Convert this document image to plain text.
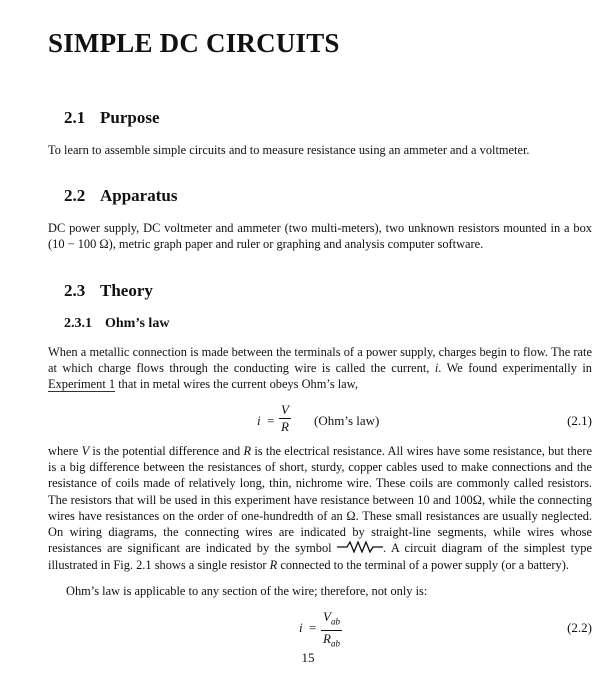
SIMPLE DC CIRCUITS
2.1 Purpose

To learn to assemble simple circuits and to measure resistance using an ammeter and a voltmeter.

2.2 Apparatus

DC power supply, DC voltmeter and ammeter (two multi-meters), two unknown resistors mounted in a box (10 − 100 Ω), metric graph paper and ruler or graphing and analysis computer software.

2.3 Theory
2.3.1 Ohm’s law

When a metallic connection is made between the terminals of a power supply, charges begin to flow. The rate at which charge flows through the conducting wire is called the current, i. We found experimentally in Experiment 1 that in metal wires the current obeys Ohm’s law,

$i = \frac{V}{R}$ (Ohm’s law)	(2.1)

where V is the potential difference and R is the electrical resistance. All wires have some resistance, but there is a big difference between the resistances of short, sturdy, copper cables used to make connections and the resistance of coils made of relatively long, thin, nichrome wire. These coils are commonly called resistors. The resistors that will be used in this experiment have resistance between 10 and 100Ω, while the connecting wires have resistances on the order of one-hundredth of an Ω. These small resistances are usually neglected. On wiring diagrams, the connecting wires are indicated by straight-line segments, while wires whose resistances are significant are indicated by the symbol	. A circuit diagram of the simplest type illustrated in Fig. 2.1 shows a single resistor R connected to the terminal of a power supply (or a battery).

Ohm’s law is applicable to any section of the wire; therefore, not only is:

i =
$V_{ab}$
$R_{ab}$
(2.2)

15
